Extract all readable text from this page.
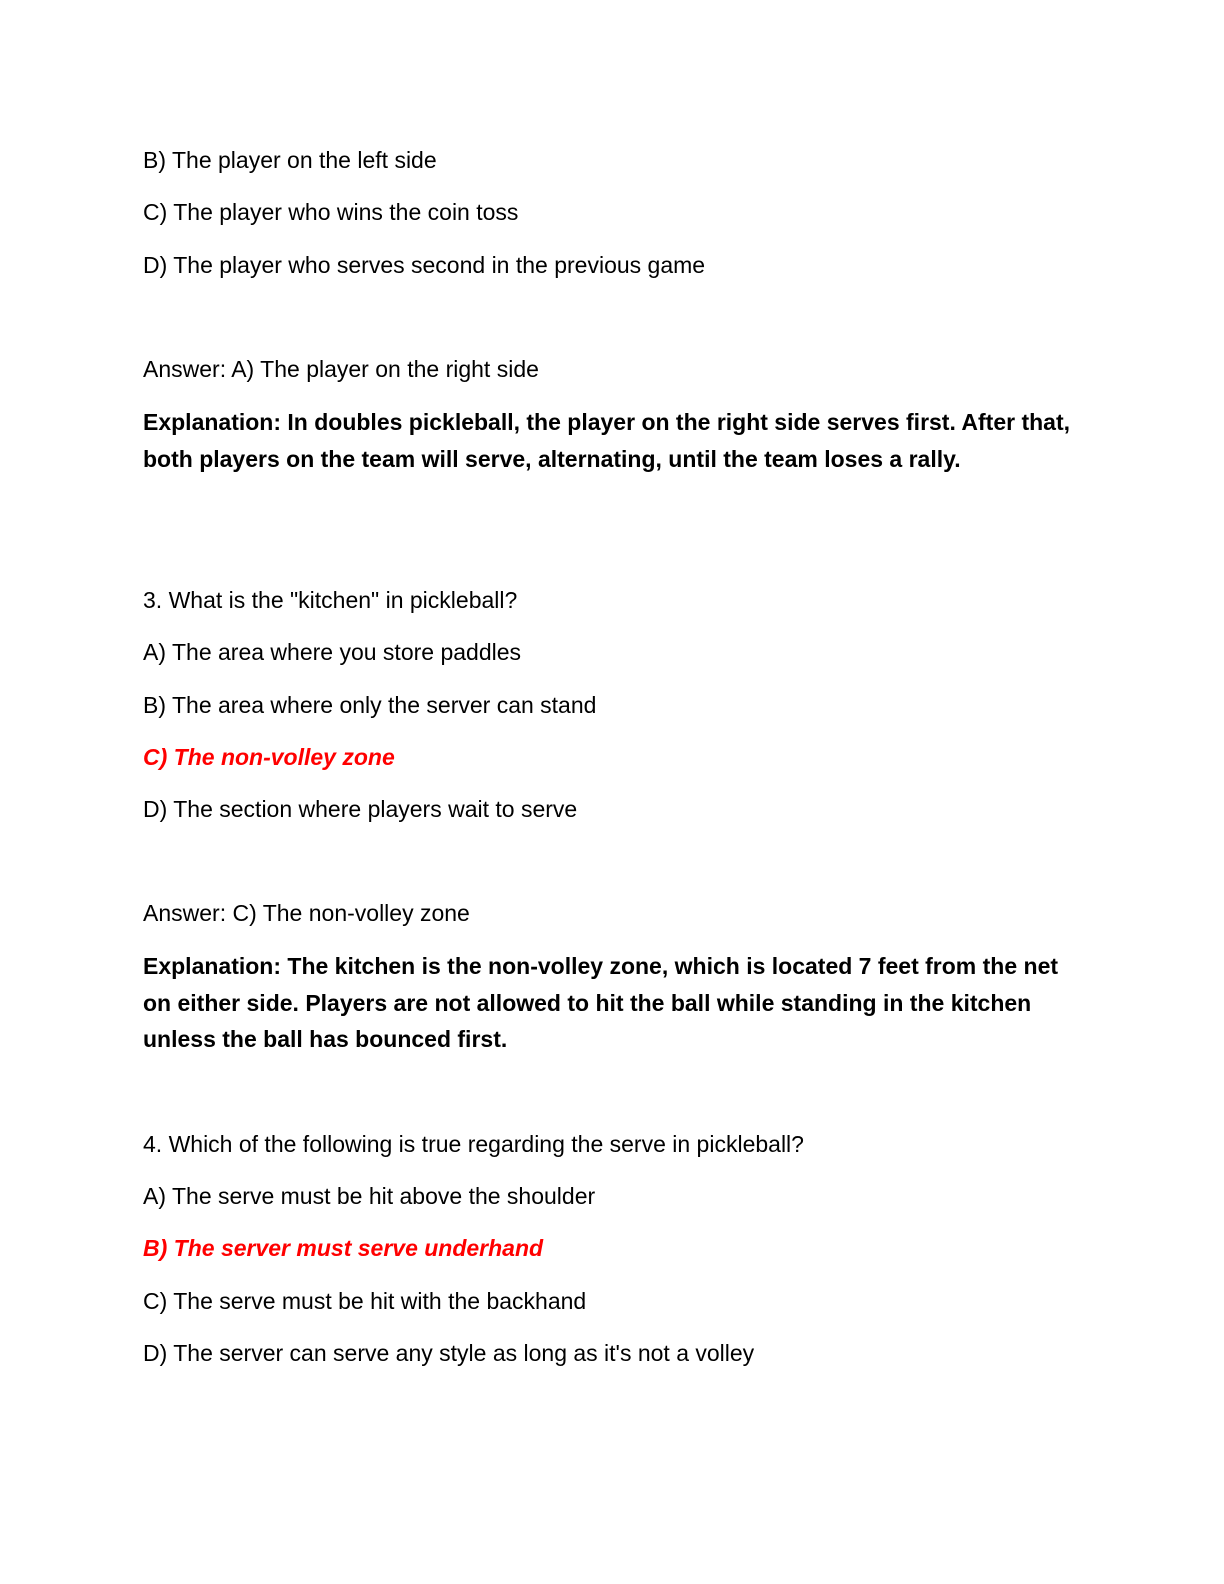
B) The player on the left side
C) The player who wins the coin toss
D) The player who serves second in the previous game
Answer: A) The player on the right side
Explanation: In doubles pickleball, the player on the right side serves first. After that, both players on the team will serve, alternating, until the team loses a rally.
3. What is the "kitchen" in pickleball?
A) The area where you store paddles
B) The area where only the server can stand
C) The non-volley zone
D) The section where players wait to serve
Answer: C) The non-volley zone
Explanation: The kitchen is the non-volley zone, which is located 7 feet from the net on either side. Players are not allowed to hit the ball while standing in the kitchen unless the ball has bounced first.
4. Which of the following is true regarding the serve in pickleball?
A) The serve must be hit above the shoulder
B) The server must serve underhand
C) The serve must be hit with the backhand
D) The server can serve any style as long as it's not a volley
